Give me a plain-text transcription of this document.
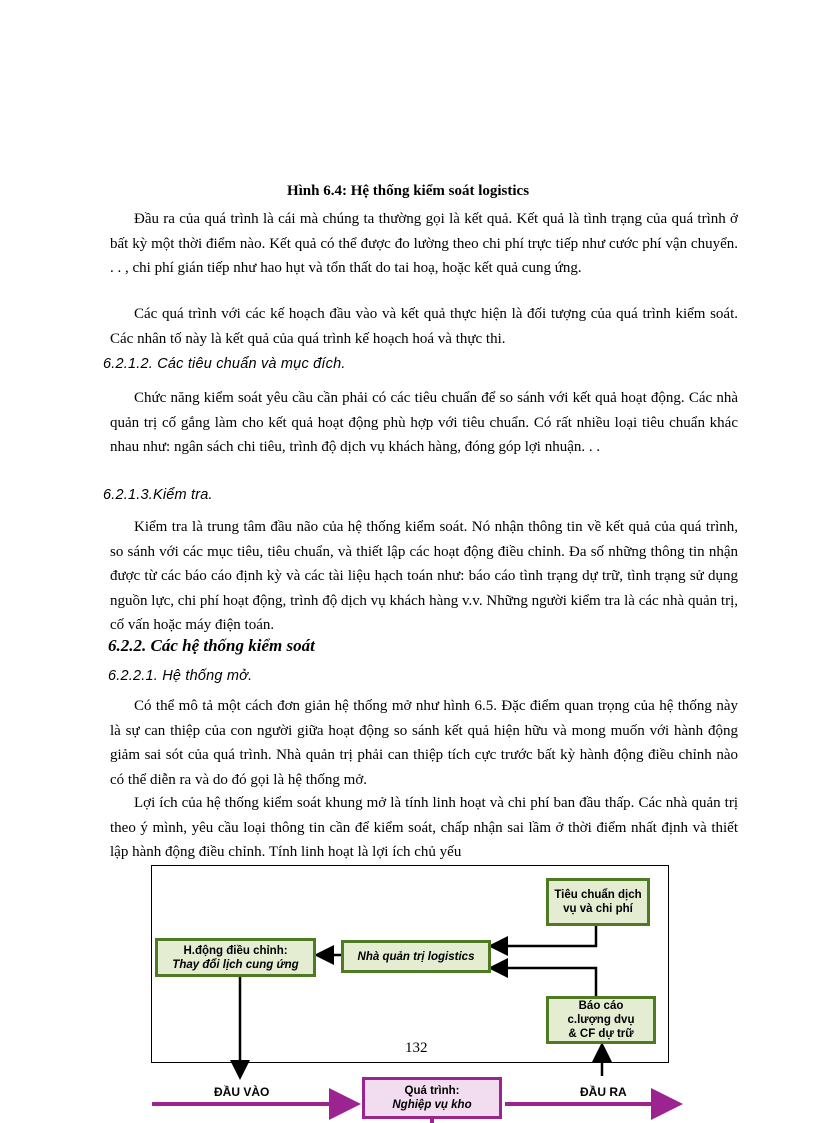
Hình 6.4: Hệ thống kiểm soát logistics

Đầu ra của quá trình là cái mà chúng ta thường gọi là kết quả. Kết quả là tình trạng của quá trình ở bất kỳ một thời điểm nào. Kết quả có thể được đo lường theo chi phí trực tiếp như cước phí vận chuyển. . . , chi phí gián tiếp như hao hụt và tổn thất do tai hoạ, hoặc kết quả cung ứng.

Các quá trình với các kế hoạch đầu vào và kết quả thực hiện là đối tượng của quá trình kiểm soát. Các nhân tố này là kết quả của quá trình kế hoạch hoá và thực thi.

6.2.1.2. Các tiêu chuẩn và mục đích.

Chức năng kiểm soát yêu cầu cần phải có các tiêu chuẩn để so sánh với kết quả hoạt động. Các nhà quản trị cố gắng làm cho kết quả hoạt động phù hợp với tiêu chuẩn. Có rất nhiều loại tiêu chuẩn khác nhau như: ngân sách chi tiêu, trình độ dịch vụ khách hàng, đóng góp lợi nhuận. . .

6.2.1.3.Kiểm tra.

Kiểm tra là trung tâm đầu não của hệ thống kiểm soát. Nó nhận thông tin về kết quả của quá trình, so sánh với các mục tiêu, tiêu chuẩn, và thiết lập các hoạt động điều chỉnh. Đa số những thông tin nhận được từ các báo cáo định kỳ và các tài liệu hạch toán như: báo cáo tình trạng dự trữ, tình trạng sử dụng nguồn lực, chi phí hoạt động, trình độ dịch vụ khách hàng v.v. Những người kiểm tra là các nhà quản trị, cố vấn hoặc máy điện toán.

6.2.2. Các hệ thống kiểm soát

6.2.2.1. Hệ thống mở.

Có thể mô tả một cách đơn giản hệ thống mở như hình 6.5. Đặc điểm quan trọng của hệ thống này là sự can thiệp của con người giữa hoạt động so sánh kết quả hiện hữu và mong muốn với hành động giảm sai sót của quá trình. Nhà quản trị phải can thiệp tích cực trước bất kỳ hành động điều chỉnh nào có thể diễn ra và do đó gọi là hệ thống mở.

Lợi ích của hệ thống kiểm soát khung mở là tính linh hoạt và chi phí ban đầu thấp. Các nhà quản trị theo ý mình, yêu cầu loại thông tin cần để kiểm soát, chấp nhận sai lầm ở thời điểm nhất định và thiết lập hành động điều chỉnh. Tính linh hoạt là lợi ích chủ yếu

Tiêu chuẩn dịch
vụ và chi phí
Nhà quản trị logistics
H.động điều chỉnh:
Thay đổi lịch cung ứng
Báo cáo
c.lượng dvụ
& CF dự trữ
Quá trình:
Nghiệp vụ kho
ĐẦU VÀO	ĐẦU RA
132
